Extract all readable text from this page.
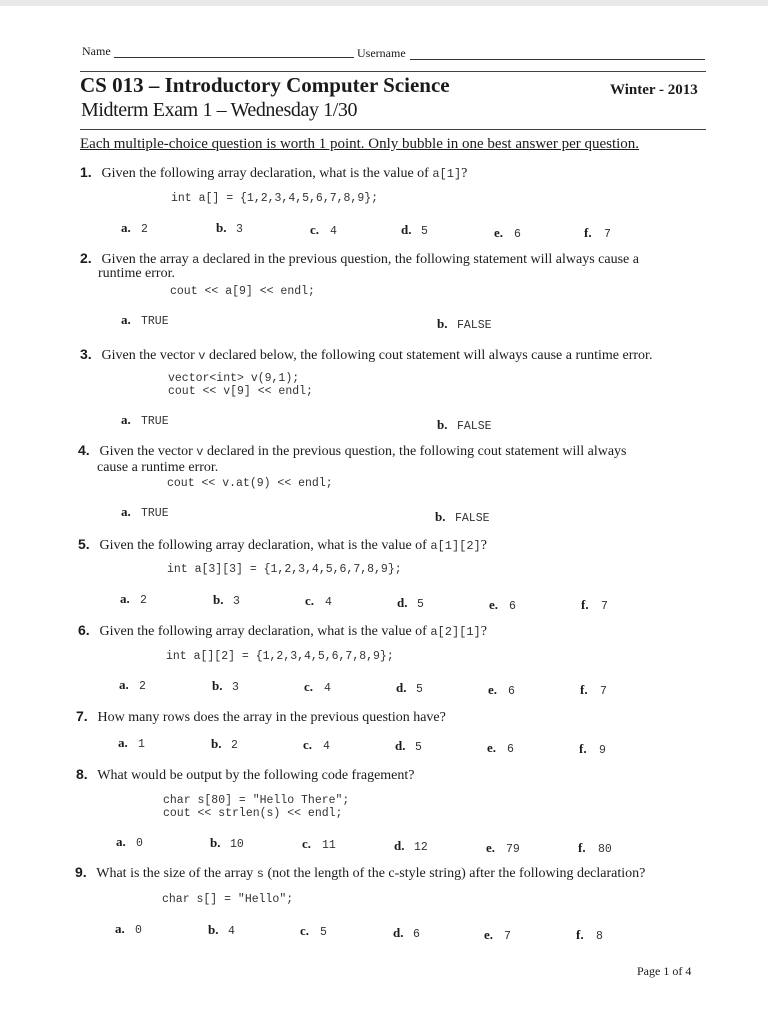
Name	Username
CS 013 – Introductory Computer Science	Winter - 2013
Midterm Exam 1 – Wednesday 1/30
Each multiple-choice question is worth 1 point. Only bubble in one best answer per question.
1. Given the following array declaration, what is the value of a[1]?
int a[] = {1,2,3,4,5,6,7,8,9};
a. 2	b. 3	c. 4	d. 5	e. 6	f. 7
2. Given the array a declared in the previous question, the following statement will always cause a
runtime error.
cout << a[9] << endl;
a. TRUE	b. FALSE
3. Given the vector v declared below, the following cout statement will always cause a runtime error.
vector<int> v(9,1);
cout << v[9] << endl;
a. TRUE	b. FALSE
4. Given the vector v declared in the previous question, the following cout statement will always
cause a runtime error.
cout << v.at(9) << endl;
a. TRUE	b. FALSE
5. Given the following array declaration, what is the value of a[1][2]?
int a[3][3] = {1,2,3,4,5,6,7,8,9};
a. 2	b. 3	c. 4	d. 5	e. 6	f. 7
6. Given the following array declaration, what is the value of a[2][1]?
int a[][2] = {1,2,3,4,5,6,7,8,9};
a. 2	b. 3	c. 4	d. 5	e. 6	f. 7
7. How many rows does the array in the previous question have?
a. 1	b. 2	c. 4	d. 5	e. 6	f. 9
8. What would be output by the following code fragement?
char s[80] = "Hello There";
cout << strlen(s) << endl;
a. 0	b. 10	c. 11	d. 12	e. 79	f. 80
9. What is the size of the array s (not the length of the c-style string) after the following declaration?
char s[] = "Hello";
a. 0	b. 4	c. 5	d. 6	e. 7	f. 8
Page 1 of 4
